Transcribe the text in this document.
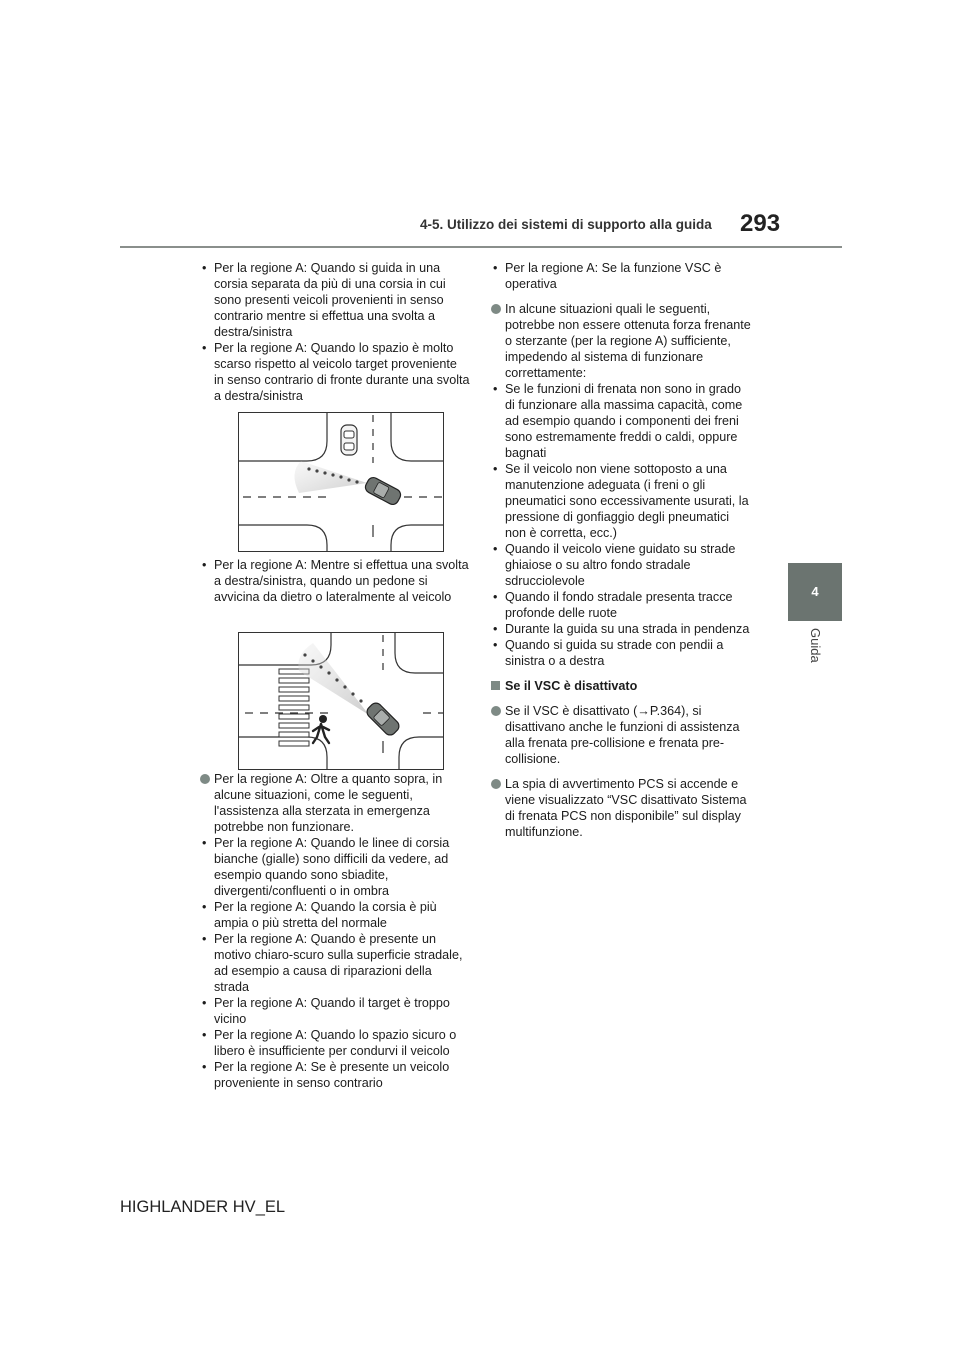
4-5. Utilizzo dei sistemi di supporto alla guida 293
4
Guida

• Per la regione A: Quando si guida in una corsia separata da più di una corsia in cui sono presenti veicoli provenienti in senso contrario mentre si effettua una svolta a destra/sinistra

• Per la regione A: Quando lo spazio è molto scarso rispetto al veicolo target proveniente in senso contrario di fronte durante una svolta a destra/sinistra

• Per la regione A: Mentre si effettua una svolta a destra/sinistra, quando un pedone si avvicina da dietro o lateralmente al veicolo

Per la regione A: Oltre a quanto sopra, in alcune situazioni, come le seguenti, l'assistenza alla sterzata in emergenza potrebbe non funzionare.

• Per la regione A: Quando le linee di corsia bianche (gialle) sono difficili da vedere, ad esempio quando sono sbiadite, divergenti/confluenti o in ombra

• Per la regione A: Quando la corsia è più ampia o più stretta del normale

• Per la regione A: Quando è presente un motivo chiaro-scuro sulla superficie stradale, ad esempio a causa di riparazioni della strada

• Per la regione A: Quando il target è troppo vicino

• Per la regione A: Quando lo spazio sicuro o libero è insufficiente per condurvi il veicolo

• Per la regione A: Se è presente un veicolo proveniente in senso contrario

• Per la regione A: Se la funzione VSC è operativa

In alcune situazioni quali le seguenti, potrebbe non essere ottenuta forza frenante o sterzante (per la regione A) sufficiente, impedendo al sistema di funzionare correttamente:

• Se le funzioni di frenata non sono in grado di funzionare alla massima capacità, come ad esempio quando i componenti dei freni sono estremamente freddi o caldi, oppure bagnati

• Se il veicolo non viene sottoposto a una manutenzione adeguata (i freni o gli pneumatici sono eccessivamente usurati, la pressione di gonfiaggio degli pneumatici non è corretta, ecc.)

• Quando il veicolo viene guidato su strade ghiaiose o su altro fondo stradale sdrucciolevole

• Quando il fondo stradale presenta tracce profonde delle ruote

• Durante la guida su una strada in pendenza

• Quando si guida su strade con pendii a sinistra o a destra

Se il VSC è disattivato

Se il VSC è disattivato (→P.364), si disattivano anche le funzioni di assistenza alla frenata pre-collisione e frenata pre-collisione.

La spia di avvertimento PCS si accende e viene visualizzato “VSC disattivato Sistema di frenata PCS non disponibile” sul display multifunzione.

HIGHLANDER HV_EL
